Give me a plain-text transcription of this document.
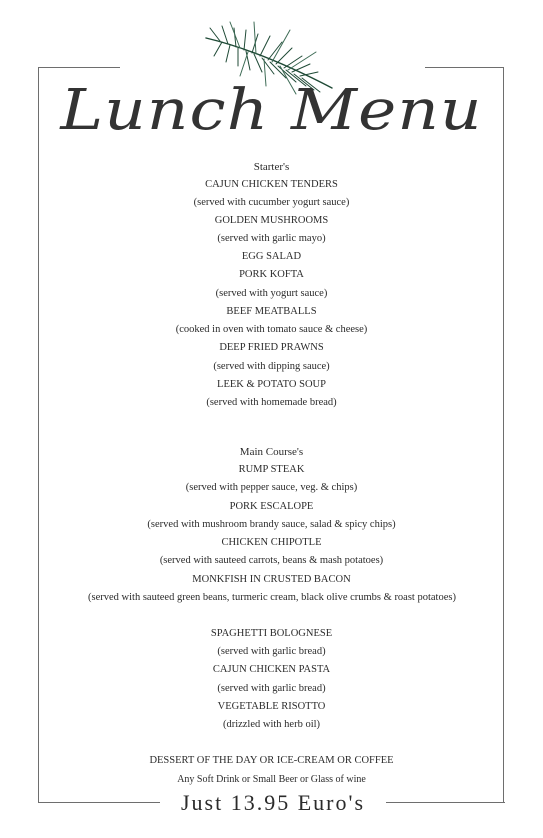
Lunch Menu
Starter's
CAJUN CHICKEN TENDERS
(served with cucumber yogurt sauce)
GOLDEN MUSHROOMS
(served with garlic mayo)
EGG SALAD
PORK KOFTA
(served with yogurt sauce)
BEEF MEATBALLS
(cooked in oven with tomato sauce & cheese)
DEEP FRIED PRAWNS
(served with dipping sauce)
LEEK & POTATO SOUP
(served with homemade bread)
Main Course's
RUMP STEAK
(served with pepper sauce, veg. & chips)
PORK ESCALOPE
(served with mushroom brandy sauce, salad & spicy chips)
CHICKEN CHIPOTLE
(served with sauteed carrots, beans & mash potatoes)
MONKFISH IN CRUSTED BACON
(served with sauteed green beans, turmeric cream, black olive crumbs & roast potatoes)
SPAGHETTI BOLOGNESE
(served with garlic bread)
CAJUN CHICKEN PASTA
(served with garlic bread)
VEGETABLE RISOTTO
(drizzled with herb oil)
DESSERT OF THE DAY OR ICE-CREAM OR COFFEE
Any Soft Drink or Small Beer or Glass of wine
Just 13.95 Euro's
